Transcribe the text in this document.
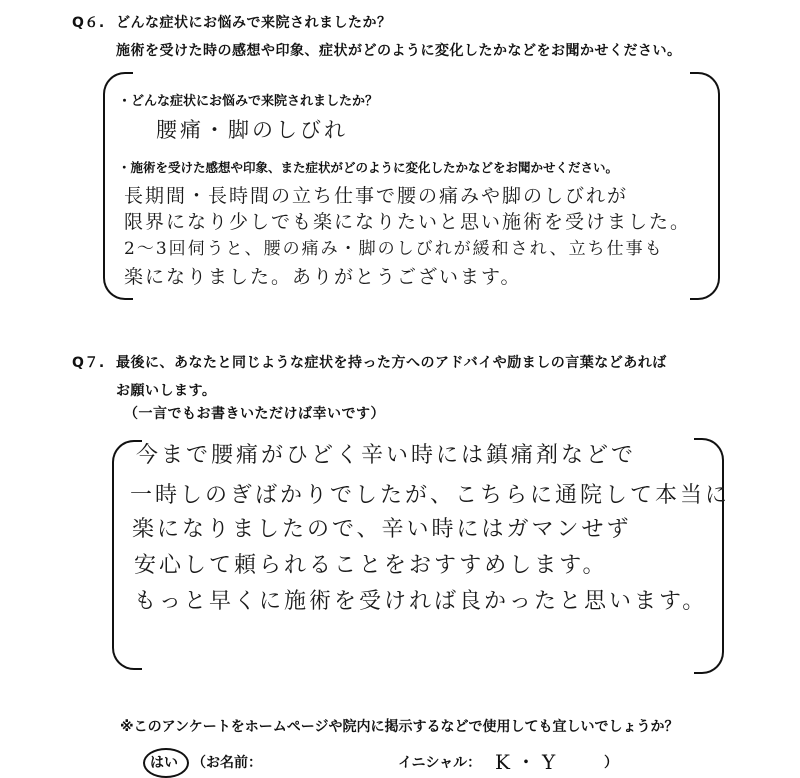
Q６. どんな症状にお悩みで来院されましたか？
施術を受けた時の感想や印象、症状がどのように変化したかなどをお聞かせください。
・どんな症状にお悩みで来院されましたか？
腰痛・脚のしびれ
・施術を受けた感想や印象、また症状がどのように変化したかなどをお聞かせください。
長期間・長時間の立ち仕事で腰の痛みや脚のしびれが
限界になり少しでも楽になりたいと思い施術を受けました。
2～3回伺うと、腰の痛み・脚のしびれが緩和され、立ち仕事も
楽になりました。ありがとうございます。
Q７. 最後に、あなたと同じような症状を持った方へのアドバイや励ましの言葉などあれば
お願いします。
（一言でもお書きいただけば幸いです）
今まで腰痛がひどく辛い時には鎮痛剤などで
一時しのぎばかりでしたが、こちらに通院して本当に
楽になりましたので、辛い時にはガマンせず
安心して頼られることをおすすめします。
もっと早くに施術を受ければ良かったと思います。
※このアンケートをホームページや院内に掲示するなどで使用しても宜しいでしょうか？
はい （お名前：	イニシャル： K・Y	）
